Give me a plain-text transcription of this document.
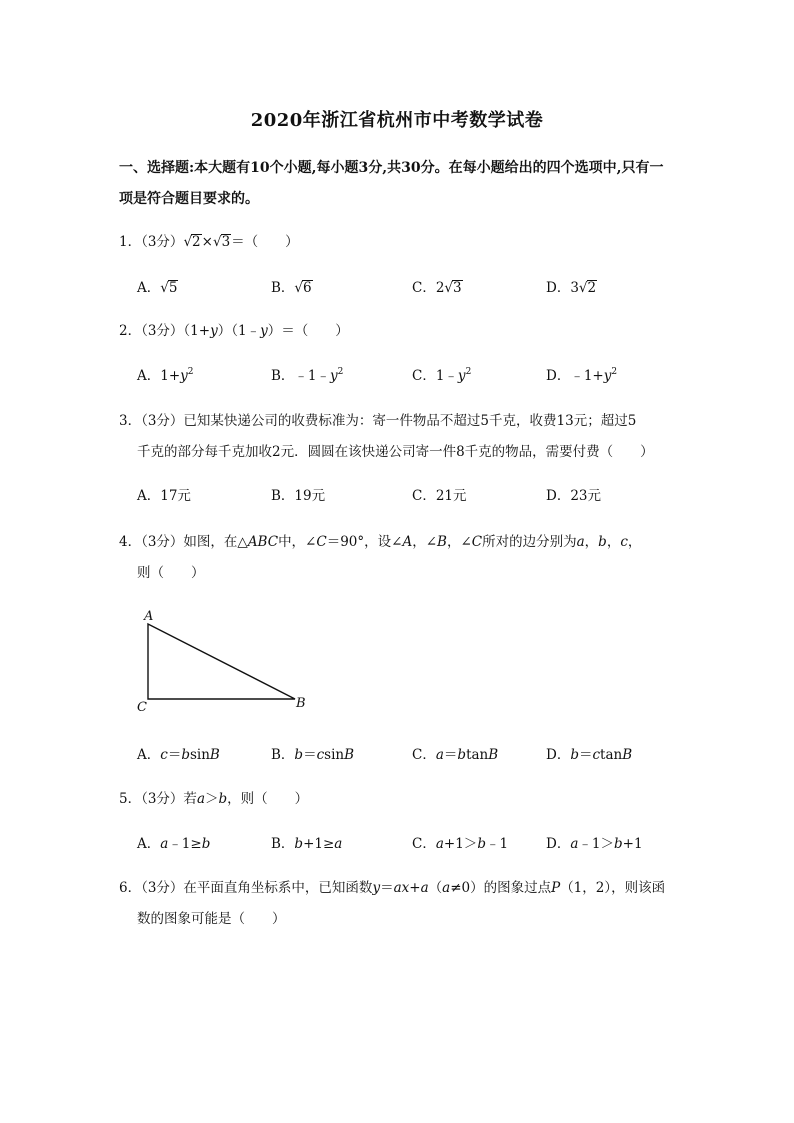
2020年浙江省杭州市中考数学试卷
一、选择题:本大题有10个小题,每小题3分,共30分。在每小题给出的四个选项中,只有一
项是符合题目要求的。
1．（3分）√2×√3＝（　　）
A．√5	B．√6	C．2√3	D．3√2
2．（3分）（1+y）（1﹣y）＝（　　）
A．$1+y^2$	B．$﹣1﹣y^2$	C．$1﹣y^2$	D．$﹣1+y^2$
3．（3分）已知某快递公司的收费标准为：寄一件物品不超过5千克，收费13元；超过5
千克的部分每千克加收2元．圆圆在该快递公司寄一件8千克的物品，需要付费（　　）
A．17元	B．19元	C．21元	D．23元
4．（3分）如图，在△ABC中，∠C＝90°，设∠A，∠B，∠C所对的边分别为a，b，c，
则（　　）
A
B
C
A．c＝bsinB	B．b＝csinB	C．a＝btanB	D．b＝ctanB
5．（3分）若a＞b，则（　　）
A．a﹣1≥b	B．b+1≥a	C．a+1＞b﹣1	D．a﹣1＞b+1
6．（3分）在平面直角坐标系中，已知函数y＝ax+a（a≠0）的图象过点P（1，2），则该函
数的图象可能是（　　）
